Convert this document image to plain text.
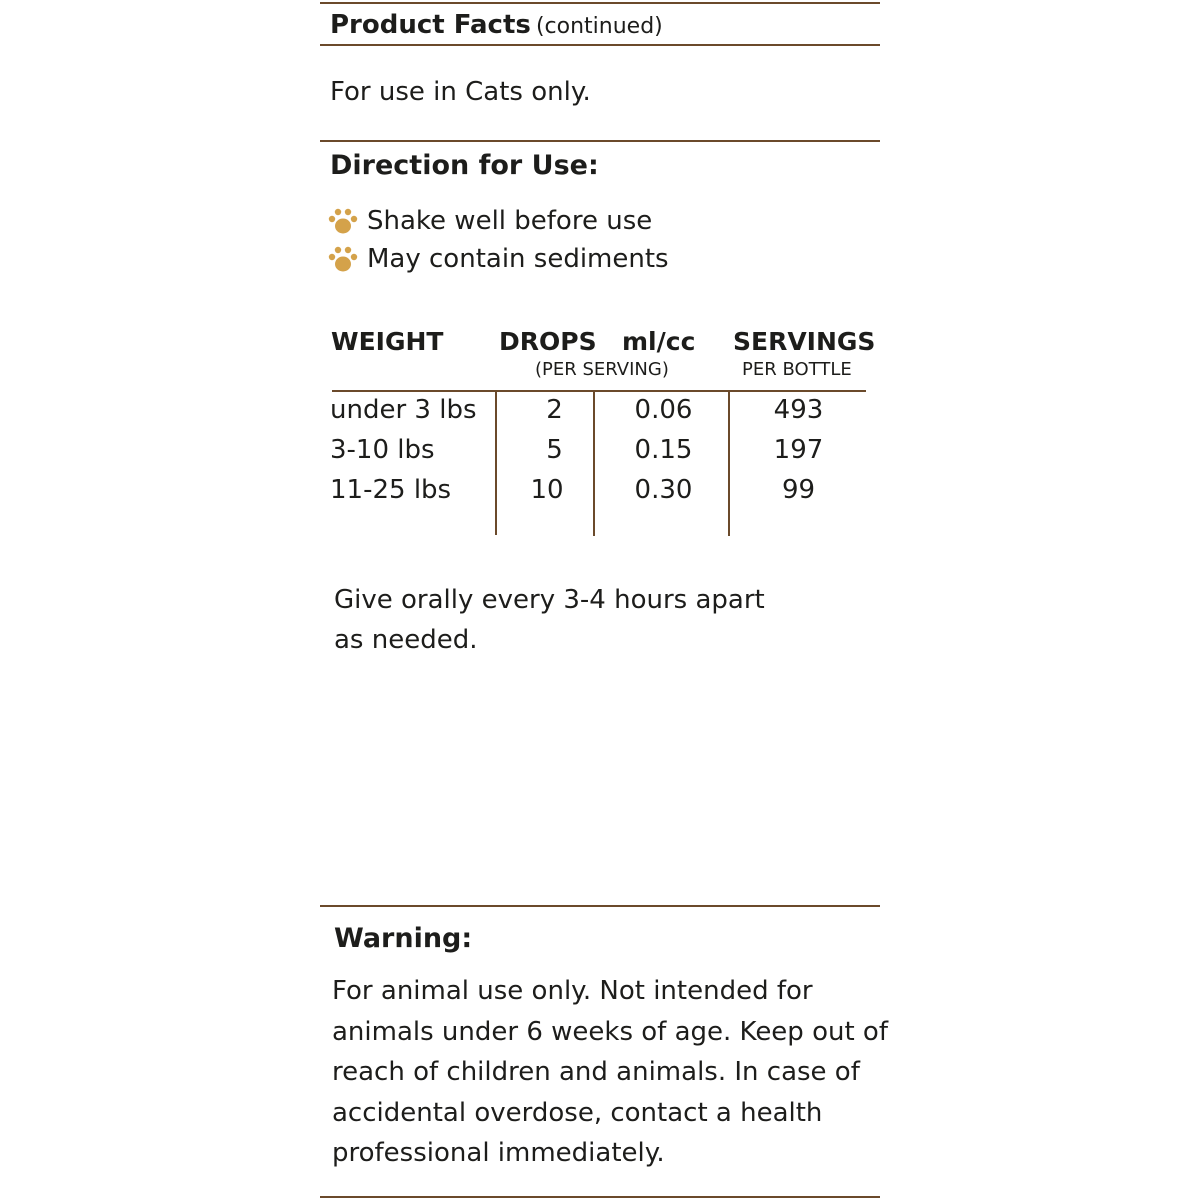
Product Facts (continued)
For use in Cats only.
Direction for Use:
Shake well before use
May contain sediments
WEIGHT DROPS ml/cc
(PER SERVING)
SERVINGS
PER BOTTLE
under 3 lbs	2	0.06	493
3-10 lbs	5	0.15	197
11-25 lbs	10	0.30	99
Give orally every 3-4 hours apart
as needed.
Warning:
For animal use only. Not intended for animals under 6 weeks of age. Keep out of reach of children and animals. In case of accidental overdose, contact a health professional immediately.
